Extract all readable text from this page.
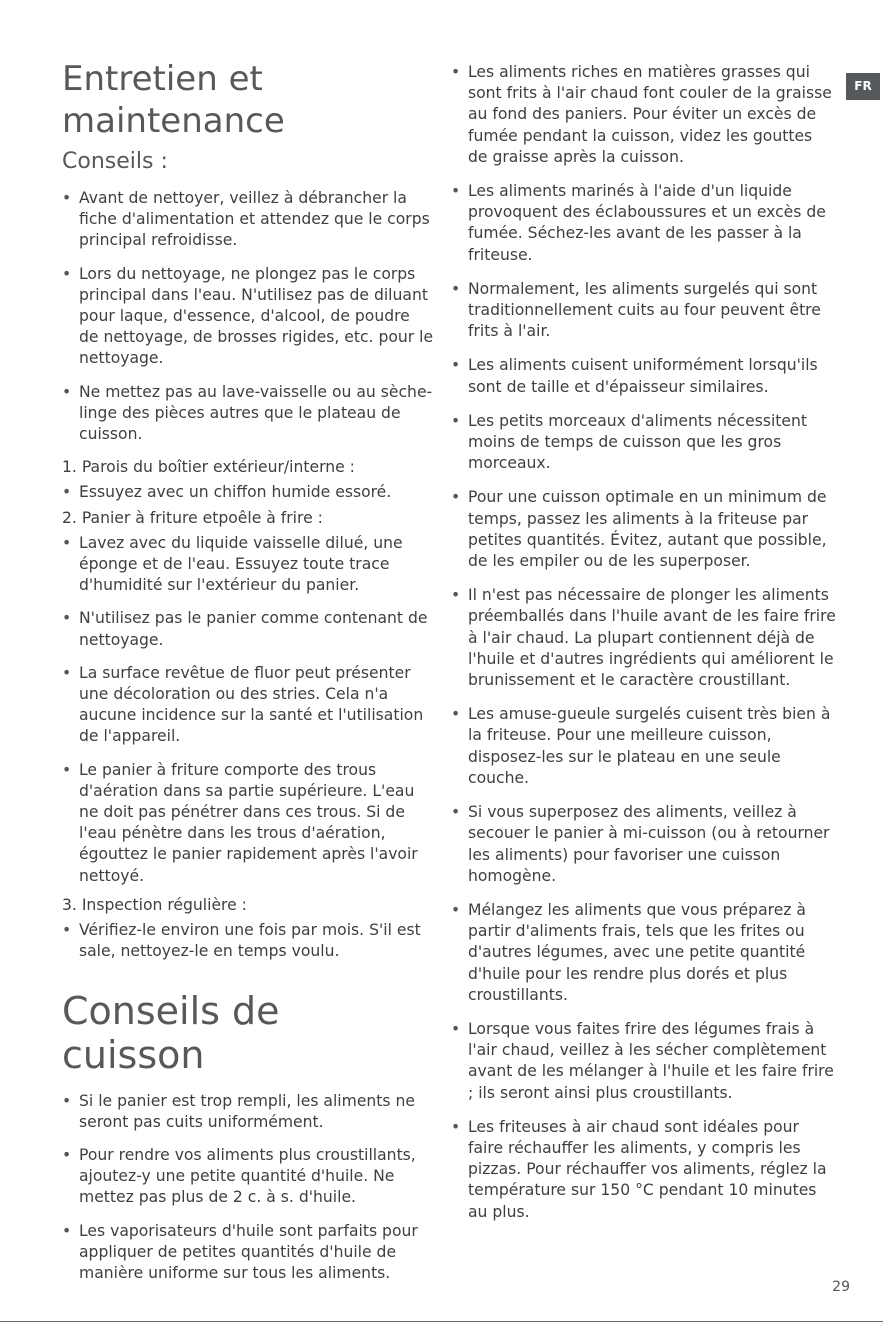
FR
Entretien et maintenance
Conseils :
• Avant de nettoyer, veillez à débrancher la fiche d'alimentation et attendez que le corps principal refroidisse.
• Lors du nettoyage, ne plongez pas le corps principal dans l'eau. N'utilisez pas de diluant pour laque, d'essence, d'alcool, de poudre de nettoyage, de brosses rigides, etc. pour le nettoyage.
• Ne mettez pas au lave-vaisselle ou au sèche-linge des pièces autres que le plateau de cuisson.
1. Parois du boîtier extérieur/interne :
• Essuyez avec un chiffon humide essoré.
2. Panier à friture etpoêle à frire :
• Lavez avec du liquide vaisselle dilué, une éponge et de l'eau. Essuyez toute trace d'humidité sur l'extérieur du panier.
• N'utilisez pas le panier comme contenant de nettoyage.
• La surface revêtue de fluor peut présenter une décoloration ou des stries. Cela n'a aucune incidence sur la santé et l'utilisation de l'appareil.
• Le panier à friture comporte des trous d'aération dans sa partie supérieure. L'eau ne doit pas pénétrer dans ces trous. Si de l'eau pénètre dans les trous d'aération, égouttez le panier rapidement après l'avoir nettoyé.
3. Inspection régulière :
• Vérifiez-le environ une fois par mois. S'il est sale, nettoyez-le en temps voulu.
Conseils de cuisson
• Si le panier est trop rempli, les aliments ne seront pas cuits uniformément.
• Pour rendre vos aliments plus croustillants, ajoutez-y une petite quantité d'huile. Ne mettez pas plus de 2 c. à s. d'huile.
• Les vaporisateurs d'huile sont parfaits pour appliquer de petites quantités d'huile de manière uniforme sur tous les aliments.
• Les aliments riches en matières grasses qui sont frits à l'air chaud font couler de la graisse au fond des paniers. Pour éviter un excès de fumée pendant la cuisson, videz les gouttes de graisse après la cuisson.
• Les aliments marinés à l'aide d'un liquide provoquent des éclaboussures et un excès de fumée. Séchez-les avant de les passer à la friteuse.
• Normalement, les aliments surgelés qui sont traditionnellement cuits au four peuvent être frits à l'air.
• Les aliments cuisent uniformément lorsqu'ils sont de taille et d'épaisseur similaires.
• Les petits morceaux d'aliments nécessitent moins de temps de cuisson que les gros morceaux.
• Pour une cuisson optimale en un minimum de temps, passez les aliments à la friteuse par petites quantités. Évitez, autant que possible, de les empiler ou de les superposer.
• Il n'est pas nécessaire de plonger les aliments préemballés dans l'huile avant de les faire frire à l'air chaud. La plupart contiennent déjà de l'huile et d'autres ingrédients qui améliorent le brunissement et le caractère croustillant.
• Les amuse-gueule surgelés cuisent très bien à la friteuse. Pour une meilleure cuisson, disposez-les sur le plateau en une seule couche.
• Si vous superposez des aliments, veillez à secouer le panier à mi-cuisson (ou à retourner les aliments) pour favoriser une cuisson homogène.
• Mélangez les aliments que vous préparez à partir d'aliments frais, tels que les frites ou d'autres légumes, avec une petite quantité d'huile pour les rendre plus dorés et plus croustillants.
• Lorsque vous faites frire des légumes frais à l'air chaud, veillez à les sécher complètement avant de les mélanger à l'huile et les faire frire ; ils seront ainsi plus croustillants.
• Les friteuses à air chaud sont idéales pour faire réchauffer les aliments, y compris les pizzas. Pour réchauffer vos aliments, réglez la température sur 150 °C pendant 10 minutes au plus.
29
